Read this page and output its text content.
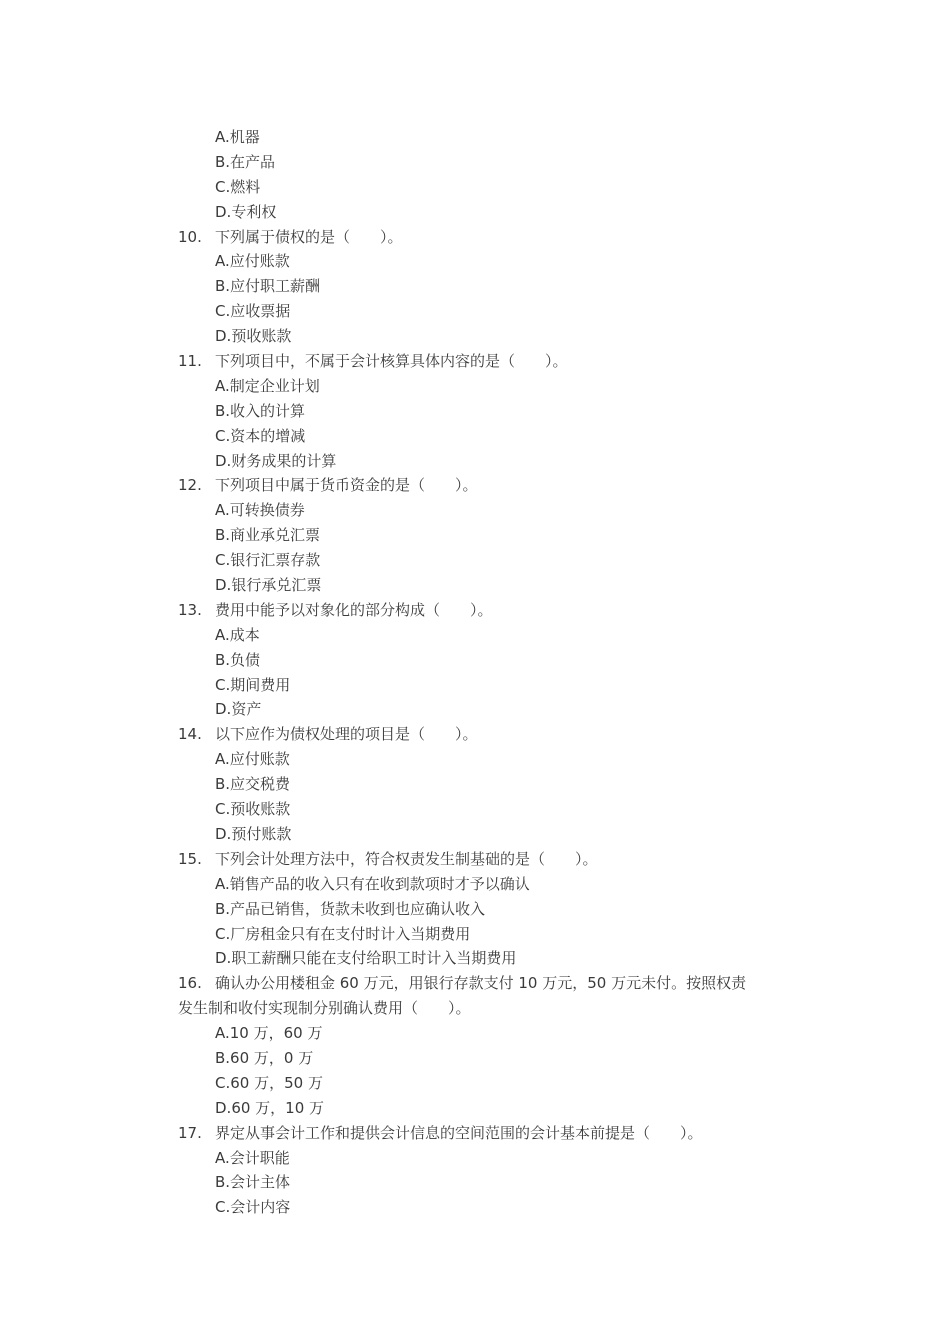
A.机器
B.在产品
C.燃料
D.专利权
10. 下列属于债权的是（　　）。
A.应付账款
B.应付职工薪酬
C.应收票据
D.预收账款
11. 下列项目中，不属于会计核算具体内容的是（　　）。
A.制定企业计划
B.收入的计算
C.资本的增减
D.财务成果的计算
12. 下列项目中属于货币资金的是（　　）。
A.可转换债券
B.商业承兑汇票
C.银行汇票存款
D.银行承兑汇票
13. 费用中能予以对象化的部分构成（　　）。
A.成本
B.负债
C.期间费用
D.资产
14. 以下应作为债权处理的项目是（　　）。
A.应付账款
B.应交税费
C.预收账款
D.预付账款
15. 下列会计处理方法中，符合权责发生制基础的是（　　）。
A.销售产品的收入只有在收到款项时才予以确认
B.产品已销售，货款未收到也应确认收入
C.厂房租金只有在支付时计入当期费用
D.职工薪酬只能在支付给职工时计入当期费用
16. 确认办公用楼租金 60 万元，用银行存款支付 10 万元，50 万元未付。按照权责
发生制和收付实现制分别确认费用（　　）。
A.10 万，60 万
B.60 万，0 万
C.60 万，50 万
D.60 万，10 万
17. 界定从事会计工作和提供会计信息的空间范围的会计基本前提是（　　）。
A.会计职能
B.会计主体
C.会计内容
